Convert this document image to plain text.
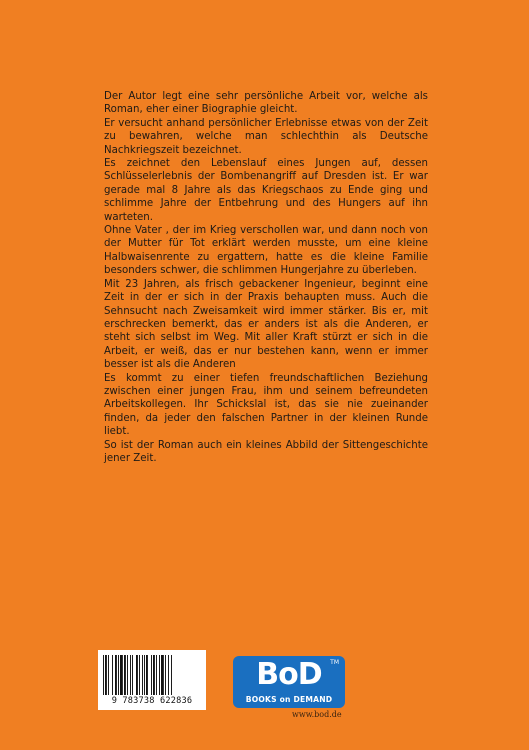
Der Autor legt eine sehr persönliche Arbeit vor, welche als Roman, eher einer Biographie gleicht.

Er versucht anhand persönlicher Erlebnisse etwas von der Zeit zu bewahren, welche man schlechthin als Deutsche Nachkriegszeit bezeichnet.

Es zeichnet den Lebenslauf eines Jungen auf, dessen Schlüsselerlebnis der Bombenangriff auf Dresden ist. Er war gerade mal 8 Jahre als das Kriegschaos zu Ende ging und schlimme Jahre der Entbehrung und des Hungers auf ihn warteten.

Ohne Vater , der im Krieg verschollen war, und dann noch von der Mutter für Tot erklärt werden musste, um eine kleine Halbwaisenrente zu ergattern, hatte es die kleine Familie besonders schwer, die schlimmen Hungerjahre zu überleben.

Mit 23 Jahren, als frisch gebackener Ingenieur, beginnt eine Zeit in der er sich in der Praxis behaupten muss. Auch die Sehnsucht nach Zweisamkeit wird immer stärker. Bis er, mit erschrecken bemerkt, das er anders ist als die Anderen, er steht sich selbst im Weg. Mit aller Kraft stürzt er sich in die Arbeit, er weiß, das er nur bestehen kann, wenn er immer besser ist als die Anderen

Es kommt zu einer tiefen freundschaftlichen Beziehung zwischen einer jungen Frau, ihm und seinem befreundeten Arbeitskollegen. Ihr Schickslal ist, das sie nie zueinander finden, da jeder den falschen Partner in der kleinen Runde liebt.

So ist der Roman auch ein kleines Abbild der Sittengeschichte jener Zeit.

9 783738 622836
BoD	TM
BOOKS on DEMAND
www.bod.de
